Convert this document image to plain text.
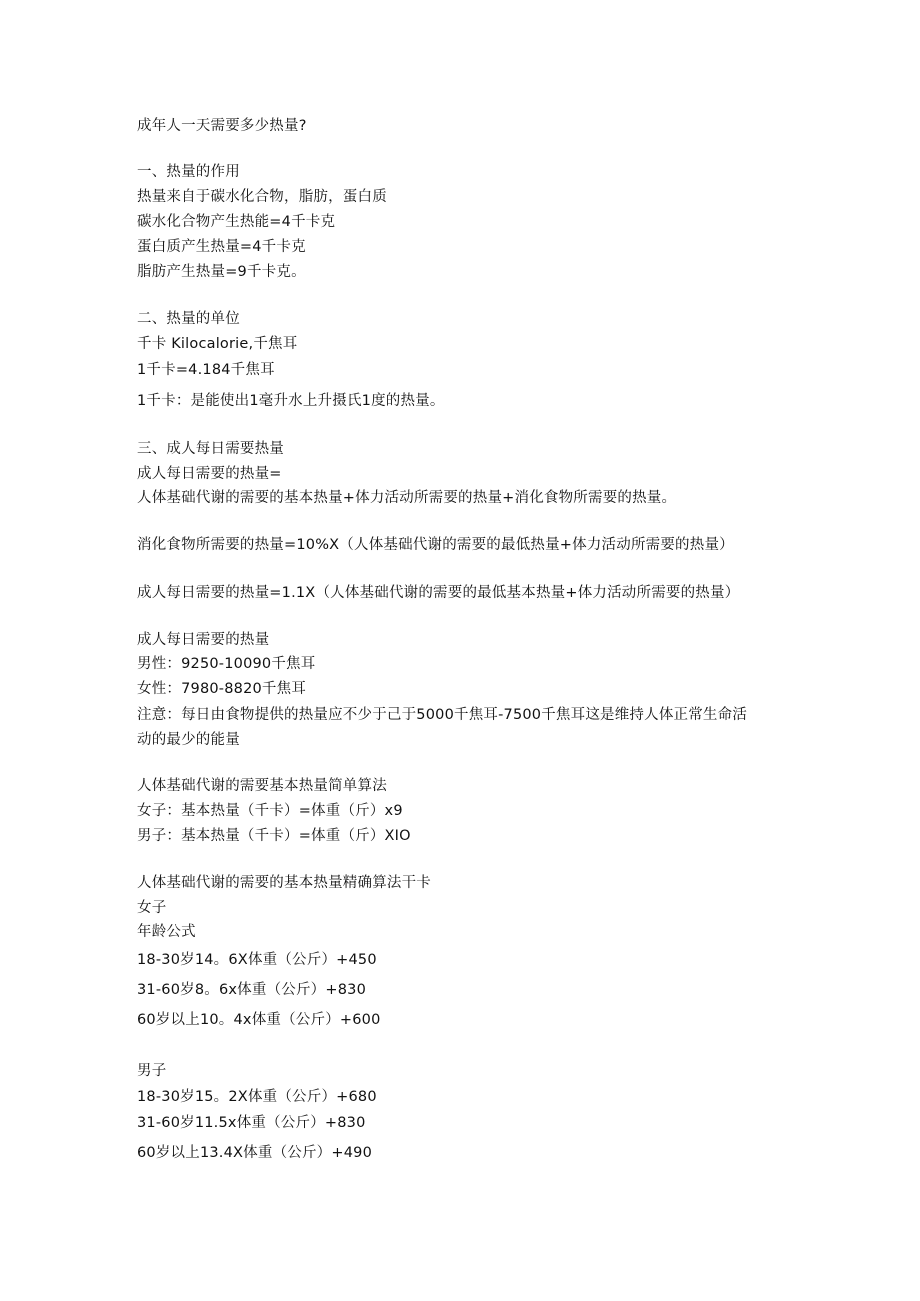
成年人一天需要多少热量?

一、热量的作用

热量来自于碳水化合物，脂肪，蛋白质

碳水化合物产生热能=4千卡克

蛋白质产生热量=4千卡克

脂肪产生热量=9千卡克。

二、热量的单位

千卡 Kilocalorie,千焦耳

1千卡=4.184千焦耳

1千卡：是能使出1毫升水上升摄氏1度的热量。

三、成人每日需要热量

成人每日需要的热量=

人体基础代谢的需要的基本热量+体力活动所需要的热量+消化食物所需要的热量。

消化食物所需要的热量=10%X（人体基础代谢的需要的最低热量+体力活动所需要的热量）

成人每日需要的热量=1.1X（人体基础代谢的需要的最低基本热量+体力活动所需要的热量）

成人每日需要的热量

男性：9250-10090千焦耳

女性：7980-8820千焦耳

注意：每日由食物提供的热量应不少于己于5000千焦耳-7500千焦耳这是维持人体正常生命活

动的最少的能量

人体基础代谢的需要基本热量简单算法

女子：基本热量（千卡）=体重（斤）x9

男子：基本热量（千卡）=体重（斤）XIO

人体基础代谢的需要的基本热量精确算法干卡

女子

年龄公式

18-30岁14。6X体重（公斤）+450

31-60岁8。6x体重（公斤）+830

60岁以上10。4x体重（公斤）+600

男子

18-30岁15。2X体重（公斤）+680

31-60岁11.5x体重（公斤）+830

60岁以上13.4X体重（公斤）+490
